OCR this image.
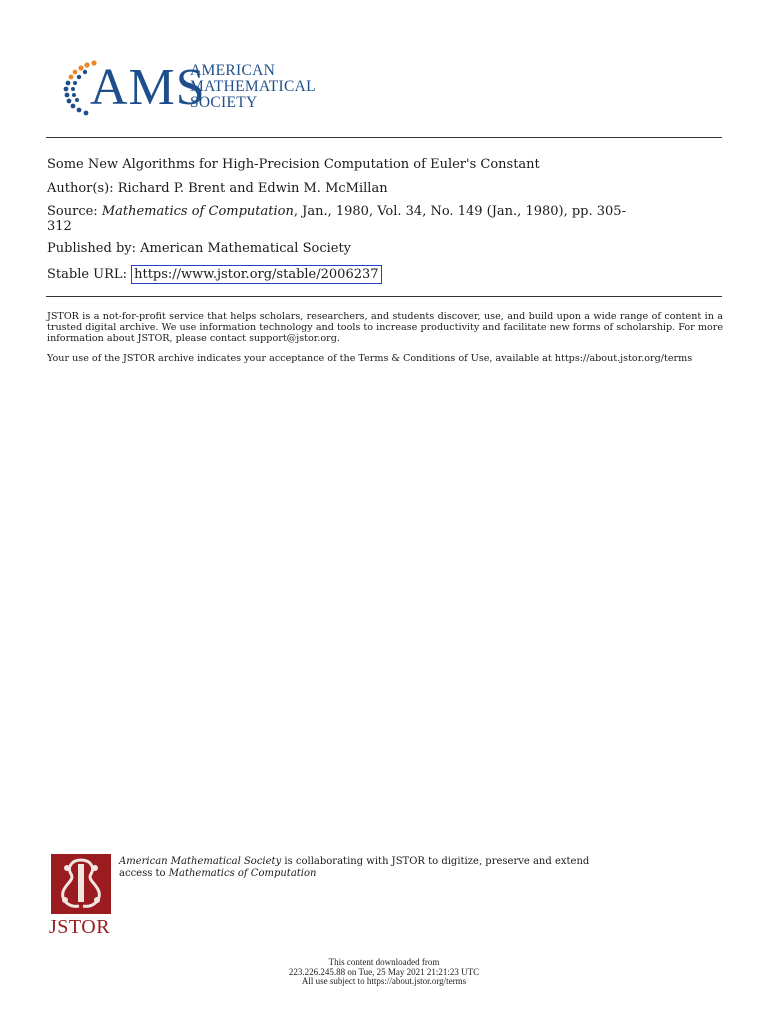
AMS
AMERICAN
MATHEMATICAL
SOCIETY
Some New Algorithms for High-Precision Computation of Euler's Constant
Author(s): Richard P. Brent and Edwin M. McMillan
Source: Mathematics of Computation, Jan., 1980, Vol. 34, No. 149 (Jan., 1980), pp. 305-
312
Published by: American Mathematical Society
Stable URL: https://www.jstor.org/stable/2006237
JSTOR is a not-for-profit service that helps scholars, researchers, and students discover, use, and build upon a wide range of content in a trusted digital archive. We use information technology and tools to increase productivity and facilitate new forms of scholarship. For more information about JSTOR, please contact support@jstor.org.
Your use of the JSTOR archive indicates your acceptance of the Terms & Conditions of Use, available at https://about.jstor.org/terms
JSTOR
American Mathematical Society is collaborating with JSTOR to digitize, preserve and extend
access to Mathematics of Computation
This content downloaded from
223.226.245.88 on Tue, 25 May 2021 21:21:23 UTC
All use subject to https://about.jstor.org/terms
